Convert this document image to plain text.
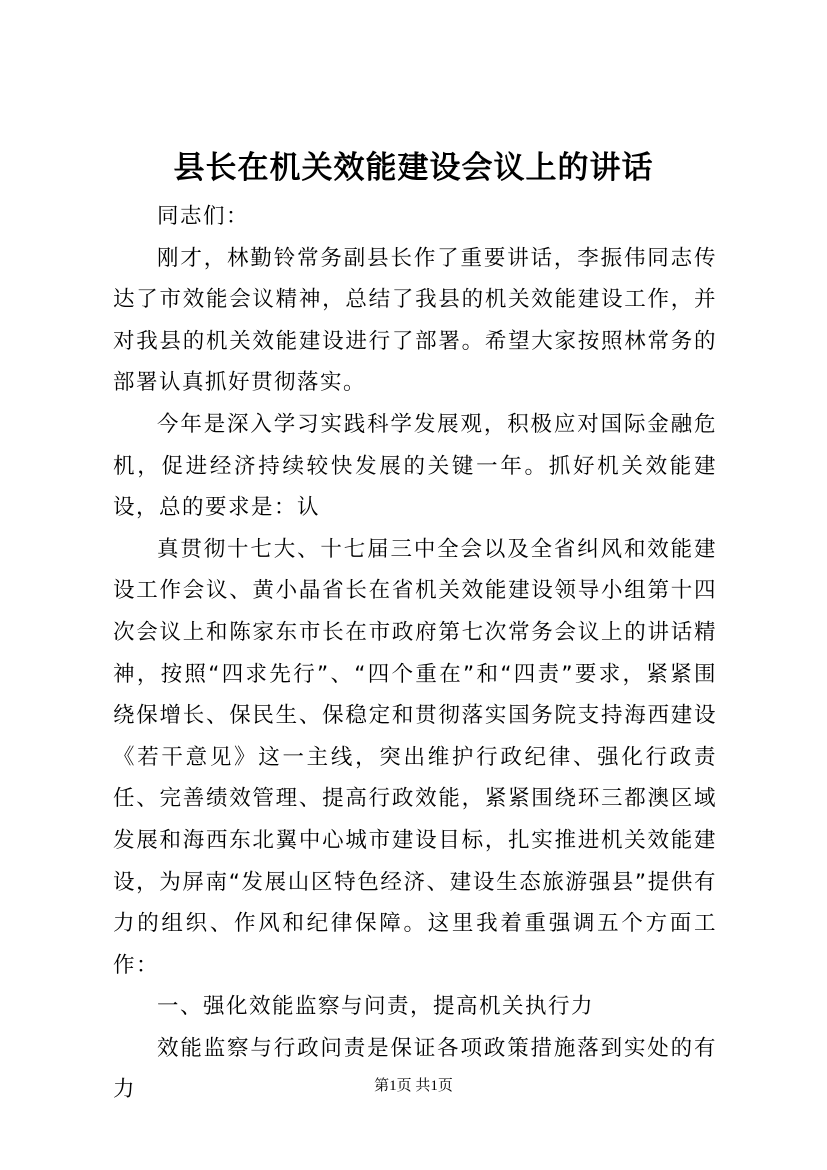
县长在机关效能建设会议上的讲话

同志们：

刚才，林勤铃常务副县长作了重要讲话，李振伟同志传达了市效能会议精神，总结了我县的机关效能建设工作，并对我县的机关效能建设进行了部署。希望大家按照林常务的部署认真抓好贯彻落实。

今年是深入学习实践科学发展观，积极应对国际金融危机，促进经济持续较快发展的关键一年。抓好机关效能建设，总的要求是：认

真贯彻十七大、十七届三中全会以及全省纠风和效能建设工作会议、黄小晶省长在省机关效能建设领导小组第十四次会议上和陈家东市长在市政府第七次常务会议上的讲话精神，按照“四求先行”、“四个重在”和“四责”要求，紧紧围绕保增长、保民生、保稳定和贯彻落实国务院支持海西建设《若干意见》这一主线，突出维护行政纪律、强化行政责任、完善绩效管理、提高行政效能，紧紧围绕环三都澳区域发展和海西东北翼中心城市建设目标，扎实推进机关效能建设，为屏南“发展山区特色经济、建设生态旅游强县”提供有力的组织、作风和纪律保障。这里我着重强调五个方面工作：

一、强化效能监察与问责，提高机关执行力

效能监察与行政问责是保证各项政策措施落到实处的有力	第1页 共1页
